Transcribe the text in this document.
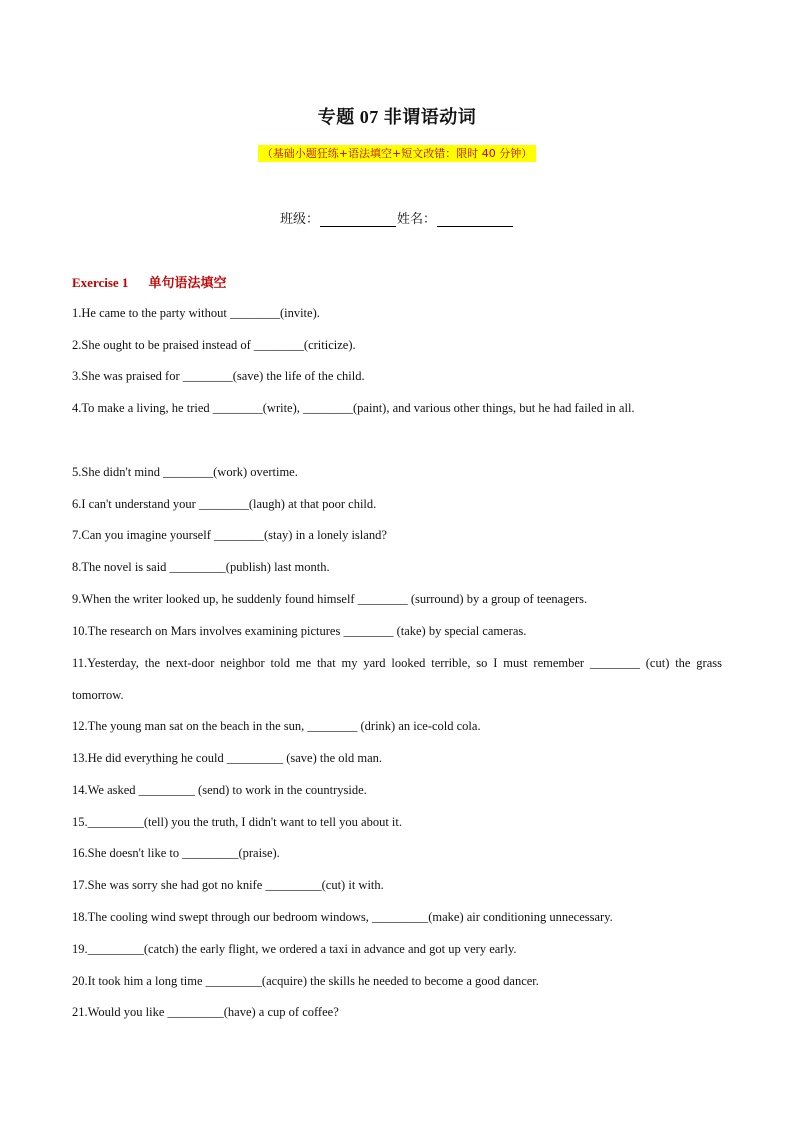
专题 07 非谓语动词
（基础小题狂练+语法填空+短文改错：限时 40 分钟）
班级：	姓名：
Exercise 1 单句语法填空
1.He came to the party without ________(invite).
2.She ought to be praised instead of ________(criticize).
3.She was praised for ________(save) the life of the child.
4.To make a living, he tried ________(write), ________(paint), and various other things, but he had failed in all.
5.She didn't mind ________(work) overtime.
6.I can't understand your ________(laugh) at that poor child.
7.Can you imagine yourself ________(stay) in a lonely island?
8.The novel is said _________(publish) last month.
9.When the writer looked up, he suddenly found himself ________ (surround) by a group of teenagers.
10.The research on Mars involves examining pictures ________ (take) by special cameras.
11.Yesterday, the next-door neighbor told me that my yard looked terrible, so I must remember ________ (cut) the grass tomorrow.
12.The young man sat on the beach in the sun, ________ (drink) an ice-cold cola.
13.He did everything he could _________ (save) the old man.
14.We asked _________ (send) to work in the countryside.
15._________(tell) you the truth, I didn't want to tell you about it.
16.She doesn't like to _________(praise).
17.She was sorry she had got no knife _________(cut) it with.
18.The cooling wind swept through our bedroom windows, _________(make) air conditioning unnecessary.
19._________(catch) the early flight, we ordered a taxi in advance and got up very early.
20.It took him a long time _________(acquire) the skills he needed to become a good dancer.
21.Would you like _________(have) a cup of coffee?
